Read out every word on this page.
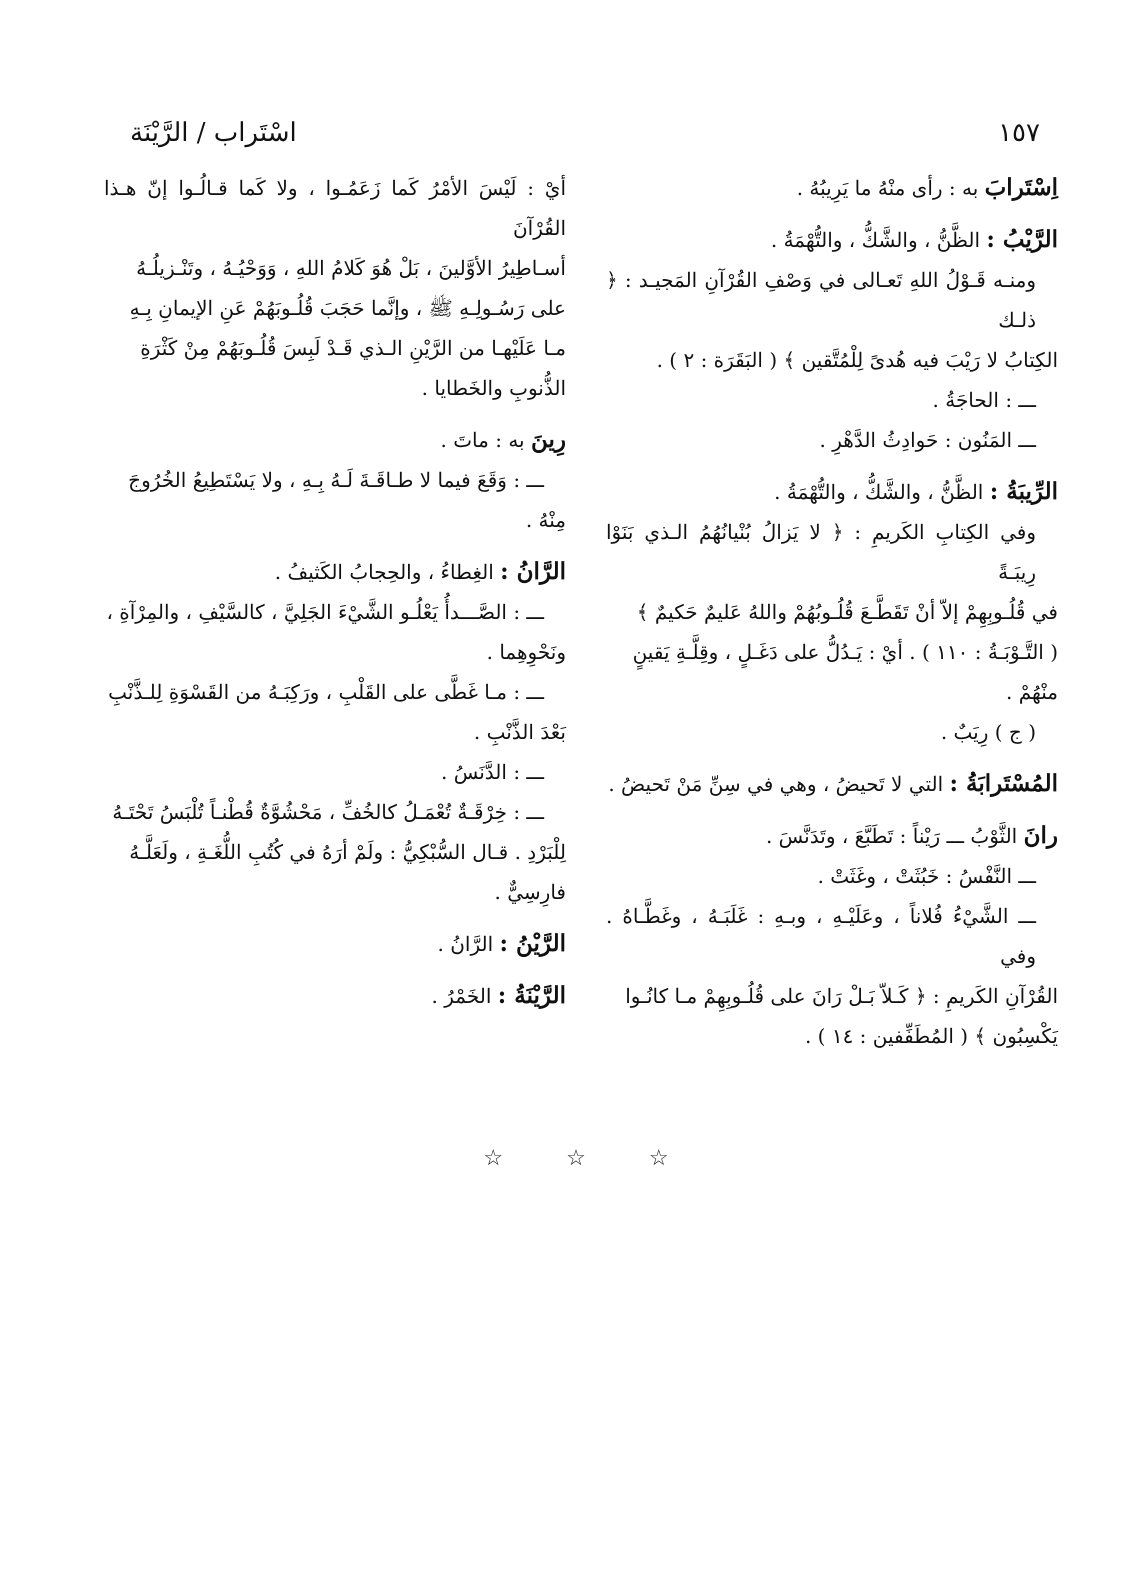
١٥٧
اسْتَراب / الرَّيْنَة

اِسْتَرابَ به : رأى منْهُ ما يَرِيبُهُ .

الرَّيْبُ : الظَّنُّ ، والشَّكُّ ، والتُّهْمَةُ .

ومنـه قَـوْلُ اللهِ تَعـالى في وَصْفِ القُرْآنِ المَجيـد : ﴿ ذلـك

الكِتابُ لا رَيْبَ فيه هُدىً لِلْمُتَّقين ﴾ ( البَقَرَة : ٢ ) .

ـــ : الحاجَةُ .

ـــ المَنُون : حَوادِثُ الدَّهْرِ .

الرِّيبَةُ : الظَّنُّ ، والشَّكُّ ، والتُّهْمَةُ .

وفي الكِتابِ الكَريمِ : ﴿ لا يَزالُ بُنْيانُهُمُ الـذي بَنَوْا رِيبَـةً

في قُلُـوبِهِمْ إلاّ أنْ تَقَطَّـعَ قُلُـوبُهُمْ واللهُ عَليمٌ حَكيمٌ ﴾

( التَّـوْبَـةُ : ١١٠ ) . أيْ : يَـدُلُّ على دَغَـلٍ ، وقِلَّـةِ يَقينٍ

منْهُمْ .

( ج ) رِيَبٌ .

المُسْتَرابَةُ : التي لا تَحيضُ ، وهي في سِنِّ مَنْ تَحيضُ .

رانَ الثَّوْبُ ـــ رَيْناً : تَطَبَّعَ ، وتَدَنَّسَ .

ـــ النَّفْسُ : خَبُثَتْ ، وغَثَتْ .

ـــ الشَّيْءُ فُلاناً ، وعَلَيْـهِ ، وبـهِ : غَلَبَـهُ ، وغَطَّـاهُ . وفي

القُرْآنِ الكَريمِ : ﴿ كَـلاّ بَـلْ رَانَ على قُلُـوبِهِمْ مـا كانُـوا

يَكْسِبُون ﴾ ( المُطَفِّفين : ١٤ ) .

أيْ : لَيْسَ الأمْرُ كَما زَعَمُـوا ، ولا كَما قـالُـوا إنّ هـذا القُرْآنَ

أسـاطِيرُ الأوَّلينَ ، بَلْ هُوَ كَلامُ اللهِ ، وَوَحْيُـهُ ، وتَنْـزيلُـهُ

على رَسُـولِـهِ ﷺ ، وإنَّما حَجَبَ قُلُـوبَهُمْ عَنِ الإيمانِ بِـهِ

مـا عَلَيْهـا من الرَّيْنِ الـذي قَـدْ لَبِسَ قُلُـوبَهُمْ مِنْ كَثْرَةِ

الذُّنوبِ والخَطايا .

رِينَ به : ماتَ .

ـــ : وَقَعَ فيما لا طـاقَـةَ لَـهُ بِـهِ ، ولا يَسْتَطِيعُ الخُرُوجَ

مِنْهُ .

الرَّانُ : الغِطاءُ ، والحِجابُ الكَثيفُ .

ـــ : الصَّـــدأُ يَعْلُـو الشَّيْءَ الجَلِيَّ ، كالسَّيْفِ ، والمِرْآةِ ،

ونَحْوِهِما .

ـــ : مـا غَطَّى على القَلْبِ ، ورَكِبَـهُ من القَسْوَةِ لِلـذَّنْبِ

بَعْدَ الذَّنْبِ .

ـــ : الدَّنَسُ .

ـــ : خِرْقَـةٌ تُعْمَـلُ كالخُفِّ ، مَحْشُوَّةٌ قُطْنـاً تُلْبَسُ تَحْتَـهُ

لِلْبَرْدِ . قـال السُّبْكِيُّ : ولَمْ أرَهُ في كُتُبِ اللُّغَـةِ ، ولَعَلَّـهُ

فارِسِيٌّ .

الرَّيْنُ : الرَّانُ .

الرَّيْنَةُ : الخَمْرُ .

☆ ☆ ☆
